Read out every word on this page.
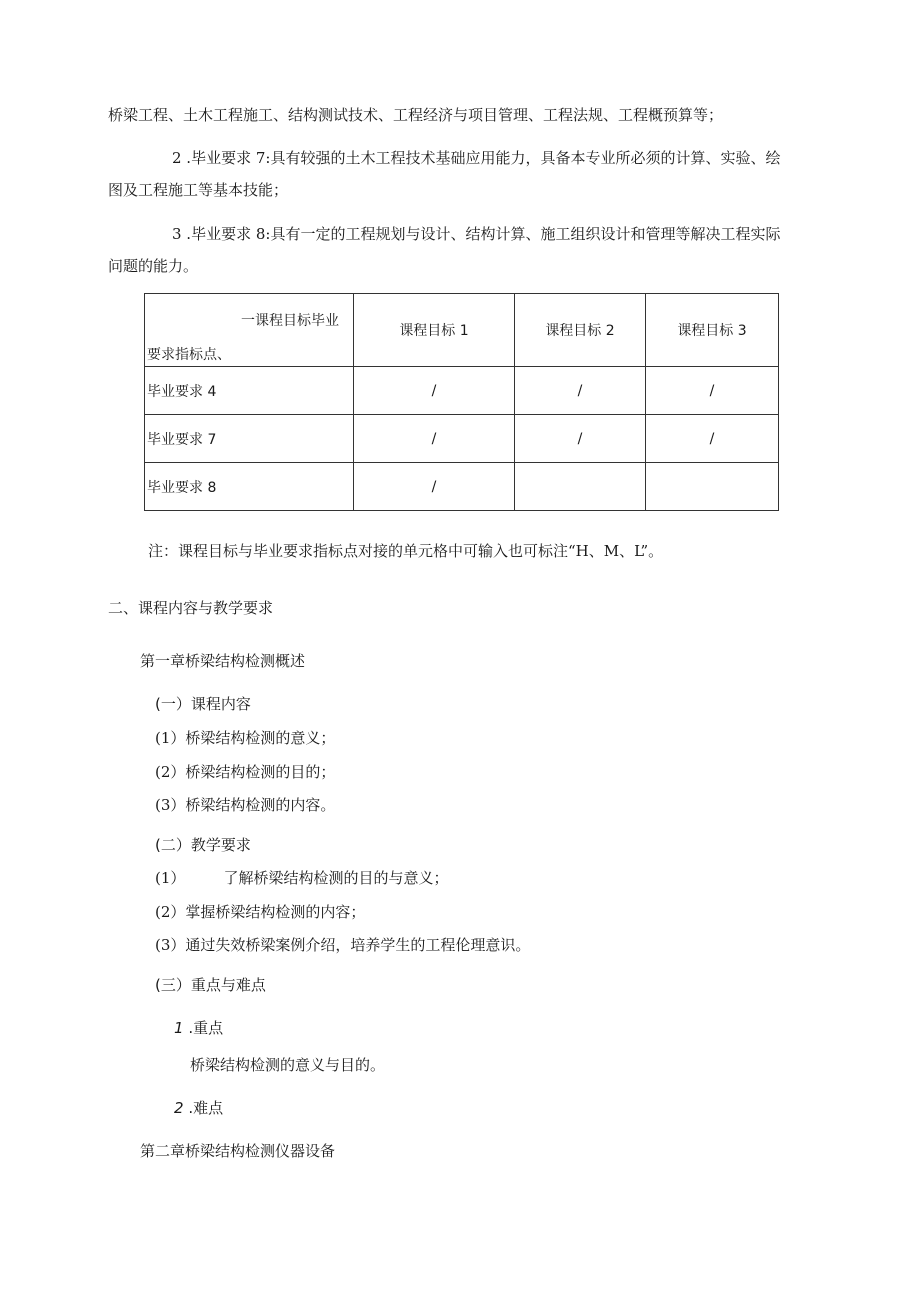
桥梁工程、土木工程施工、结构测试技术、工程经济与项目管理、工程法规、工程概预算等；

2 .毕业要求 7:具有较强的土木工程技术基础应用能力，具备本专业所必须的计算、实验、绘

图及工程施工等基本技能；

3 .毕业要求 8:具有一定的工程规划与设计、结构计算、施工组织设计和管理等解决工程实际

问题的能力。

一课程目标毕业
要求指标点、	课程目标 1	课程目标 2	课程目标 3
毕业要求 4	/	/	/
毕业要求 7	/	/	/
毕业要求 8	/		

注：课程目标与毕业要求指标点对接的单元格中可输入也可标注“H、M、L”。

二、课程内容与教学要求

第一章桥梁结构检测概述

(一）课程内容

(1）桥梁结构检测的意义；

(2）桥梁结构检测的目的；

(3）桥梁结构检测的内容。

(二）教学要求

(1）        了解桥梁结构检测的目的与意义；

(2）掌握桥梁结构检测的内容；

(3）通过失效桥梁案例介绍，培养学生的工程伦理意识。

(三）重点与难点

1 .重点

桥梁结构检测的意义与目的。

2 .难点

第二章桥梁结构检测仪器设备
